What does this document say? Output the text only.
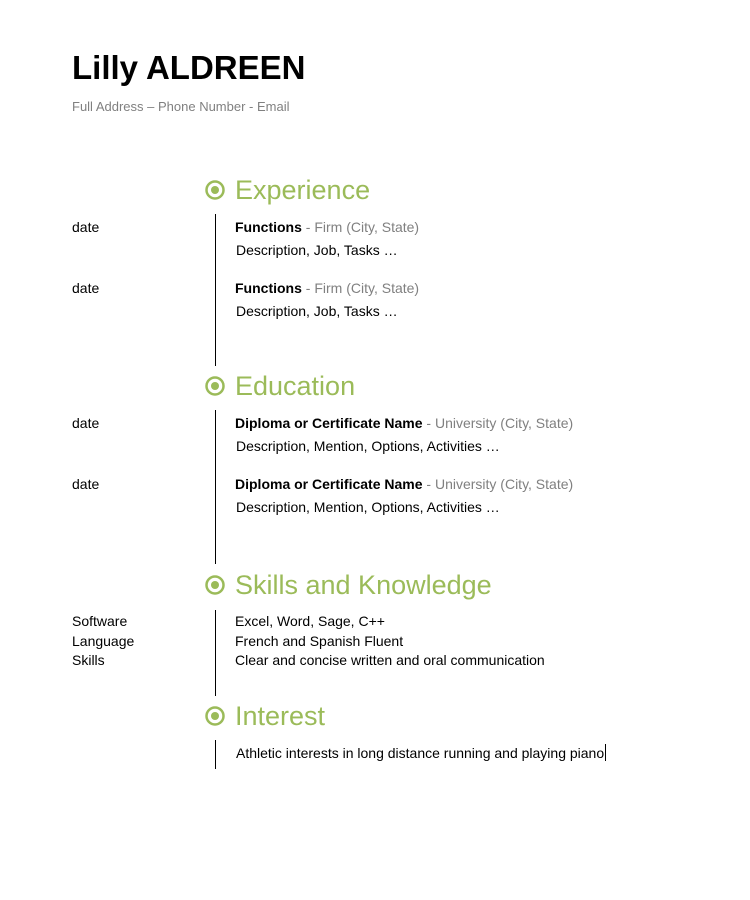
Lilly ALDREEN
Full Address – Phone Number - Email
Experience
date	Functions - Firm (City, State)
Description, Job, Tasks …
date	Functions - Firm (City, State)
Description, Job, Tasks …
Education
date	Diploma or Certificate Name - University (City, State)
Description, Mention, Options, Activities …
date	Diploma or Certificate Name - University (City, State)
Description, Mention, Options, Activities …
Skills and Knowledge
Software	Excel, Word, Sage, C++
Language	French and Spanish Fluent
Skills	Clear and concise written and oral communication
Interest
Athletic interests in long distance running and playing piano
